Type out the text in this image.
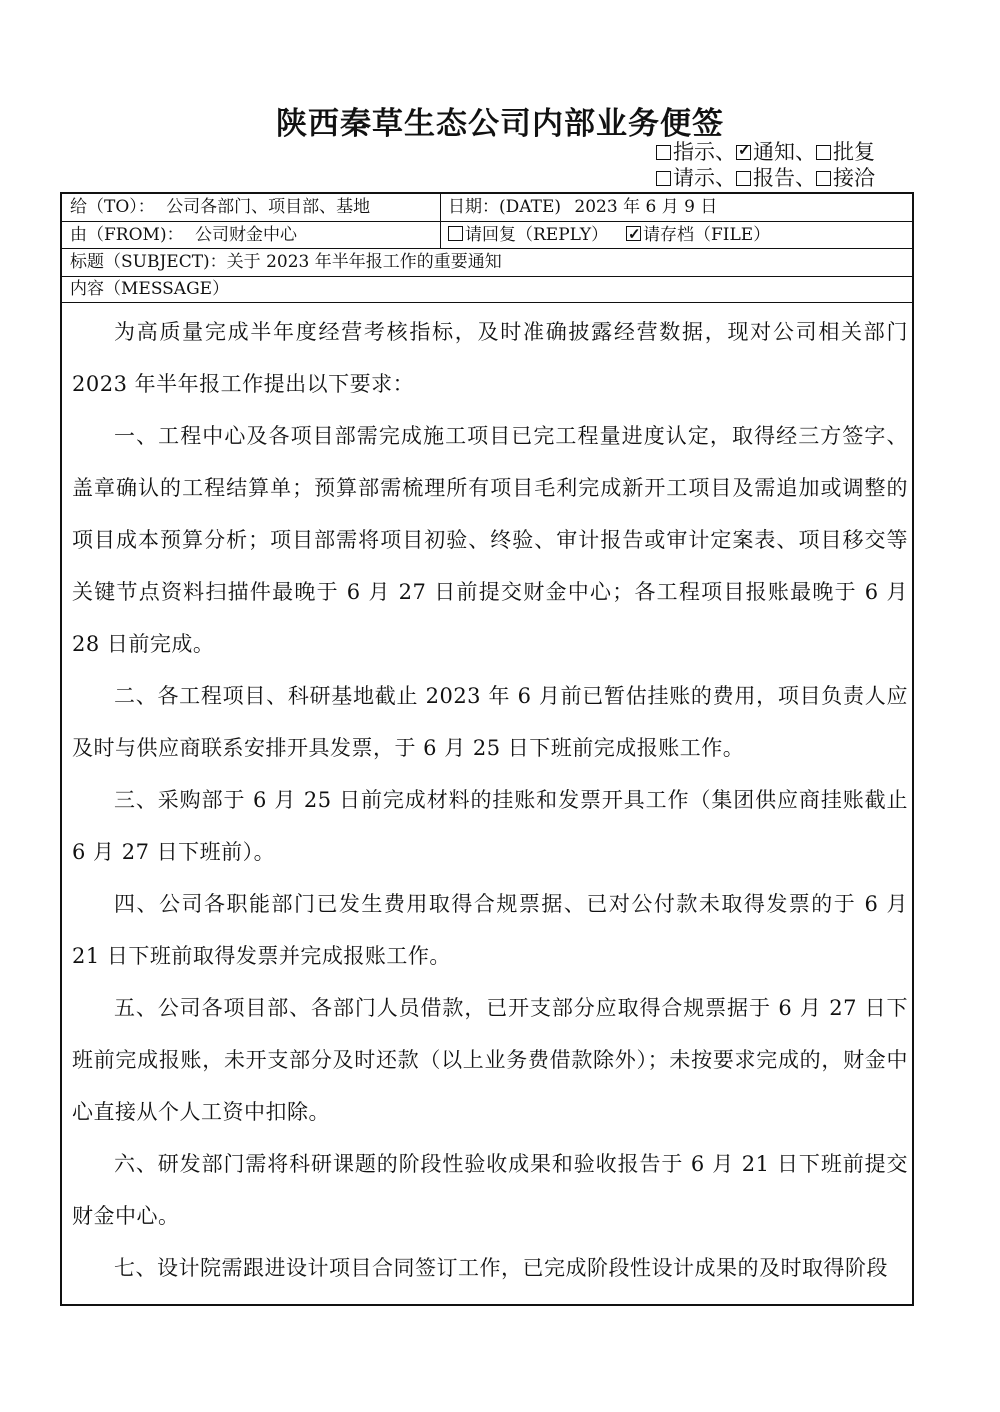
陕西秦草生态公司内部业务便签
指示、 ✓ 通知、 批复
请示、 报告、 接洽
给（TO）： 公司各部门、项目部、基地	日期：(DATE) 2023 年 6 月 9 日
由（FROM)： 公司财金中心	请回复（REPLY） ✓	请存档（FILE）
标题（SUBJECT)：关于 2023 年半年报工作的重要通知
内容（MESSAGE）

为高质量完成半年度经营考核指标，及时准确披露经营数据，现对公司相关部门 2023 年半年报工作提出以下要求：

一、工程中心及各项目部需完成施工项目已完工程量进度认定，取得经三方签字、盖章确认的工程结算单；预算部需梳理所有项目毛利完成新开工项目及需追加或调整的项目成本预算分析；项目部需将项目初验、终验、审计报告或审计定案表、项目移交等关键节点资料扫描件最晚于 6 月 27 日前提交财金中心；各工程项目报账最晚于 6 月 28 日前完成。

二、各工程项目、科研基地截止 2023 年 6 月前已暂估挂账的费用，项目负责人应及时与供应商联系安排开具发票，于 6 月 25 日下班前完成报账工作。

三、采购部于 6 月 25 日前完成材料的挂账和发票开具工作（集团供应商挂账截止 6 月 27 日下班前）。

四、公司各职能部门已发生费用取得合规票据、已对公付款未取得发票的于 6 月 21 日下班前取得发票并完成报账工作。

五、公司各项目部、各部门人员借款，已开支部分应取得合规票据于 6 月 27 日下班前完成报账，未开支部分及时还款（以上业务费借款除外）；未按要求完成的，财金中心直接从个人工资中扣除。

六、研发部门需将科研课题的阶段性验收成果和验收报告于 6 月 21 日下班前提交财金中心。

七、设计院需跟进设计项目合同签订工作，已完成阶段性设计成果的及时取得阶段
